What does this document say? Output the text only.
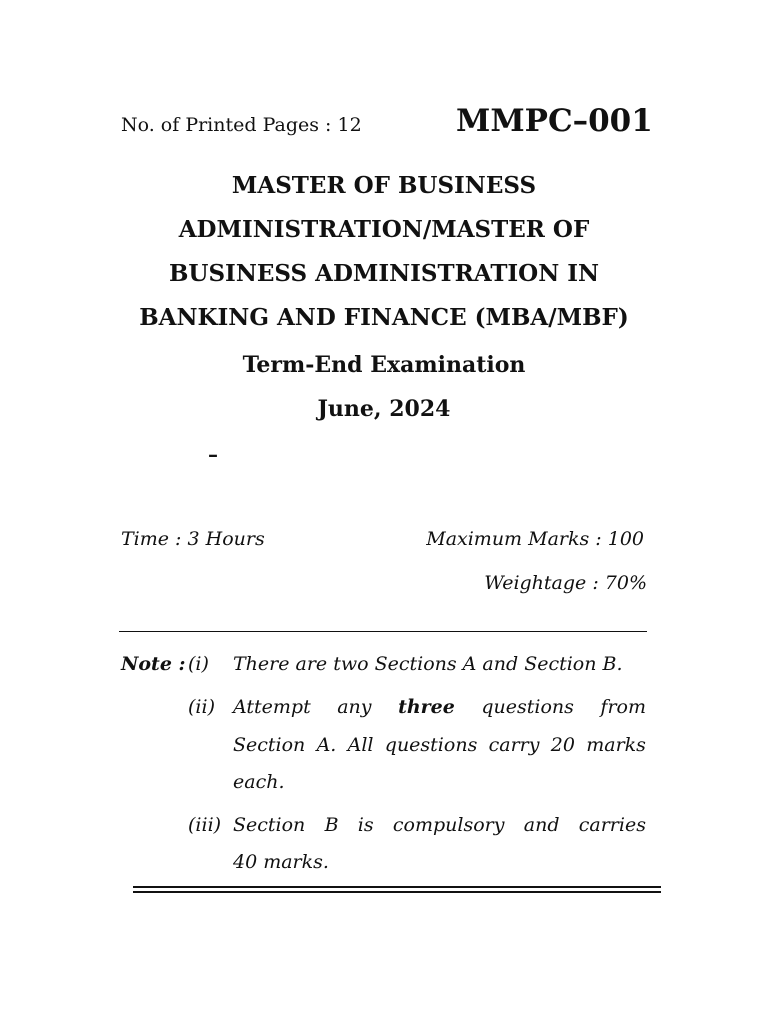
No. of Printed Pages : 12	MMPC–001
MASTER OF BUSINESS
ADMINISTRATION/MASTER OF
BUSINESS ADMINISTRATION IN
BANKING AND FINANCE (MBA/MBF)
Term-End Examination
June, 2024
–
Time : 3 Hours	Maximum Marks : 100
Weightage : 70%
Note : (i) There are two Sections A and Section B.
(ii) Attempt any three questions from
Section A. All questions carry 20 marks
each.
(iii) Section B is compulsory and carries
40 marks.
